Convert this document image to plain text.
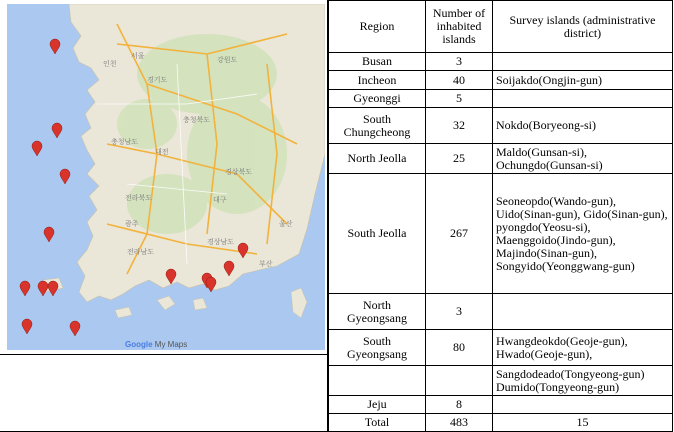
인천
서울
경기도
강원도
충청남도
충청북도
대전
전라북도
경상북도
대구
전라남도
경상남도
광주
부산
울산
Google My Maps
Region	Number of inhabited islands	Survey islands (administrative district)
Busan	3	
Incheon	40	Soijakdo(Ongjin-gun)
Gyeonggi	5	
South Chungcheong	32	Nokdo(Boryeong-si)
North Jeolla	25	Maldo(Gunsan-si), Ochungdo(Gunsan-si)
South Jeolla	267	Seoneopdo(Wando-gun), Uido(Sinan-gun), Gido(Sinan-gun), pyongdo(Yeosu-si), Maenggoido(Jindo-gun), Majindo(Sinan-gun), Songyido(Yeonggwang-gun)
North Gyeongsang	3	
South Gyeongsang	80	Hwangdeokdo(Geoje-gun), Hwado(Geoje-gun),
		Sangdodeado(Tongyeong-gun) Dumido(Tongyeong-gun)
Jeju	8	
Total	483	15
